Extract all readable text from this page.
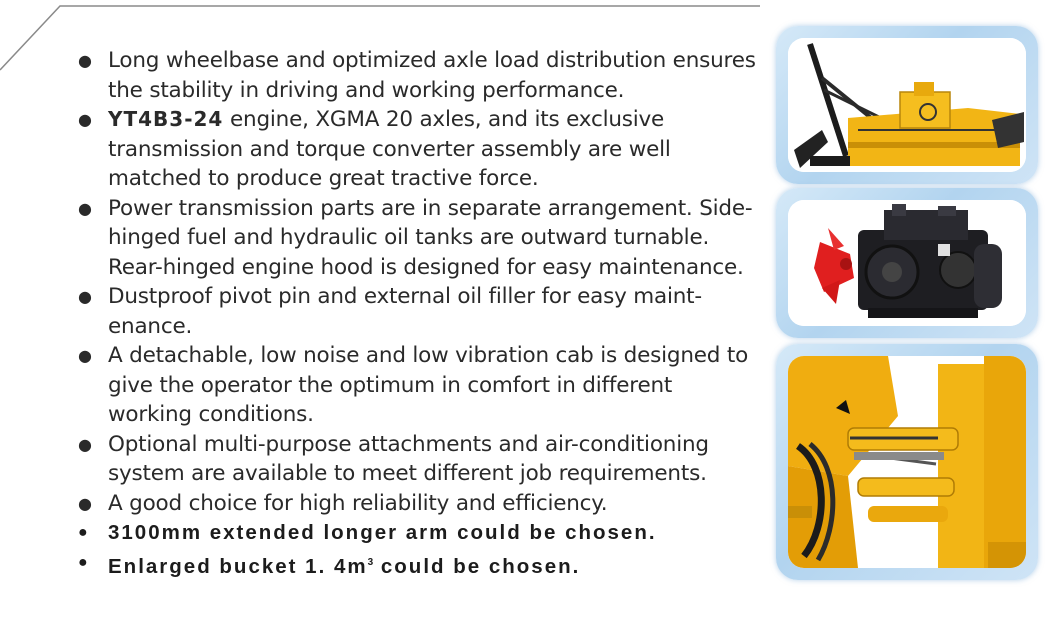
● Long wheelbase and optimized axle load distribution ensures the stability in driving and working performance.
● YT4B3-24 engine, XGMA 20 axles, and its exclusive transmission and torque converter assembly are well matched to produce great tractive force.
● Power transmission parts are in separate arrangement. Side-hinged fuel and hydraulic oil tanks are outward turnable. Rear-hinged engine hood is designed for easy maintenance.
● Dustproof pivot pin and external oil filler for easy maint- enance.
● A detachable, low noise and low vibration cab is designed to give the operator the optimum in comfort in different working conditions.
● Optional multi-purpose attachments and air-conditioning system are available to meet different job requirements.
● A good choice for high reliability and efficiency.
● 3100mm extended longer arm could be chosen.
● Enlarged bucket 1. $4m^3$ could be chosen.
